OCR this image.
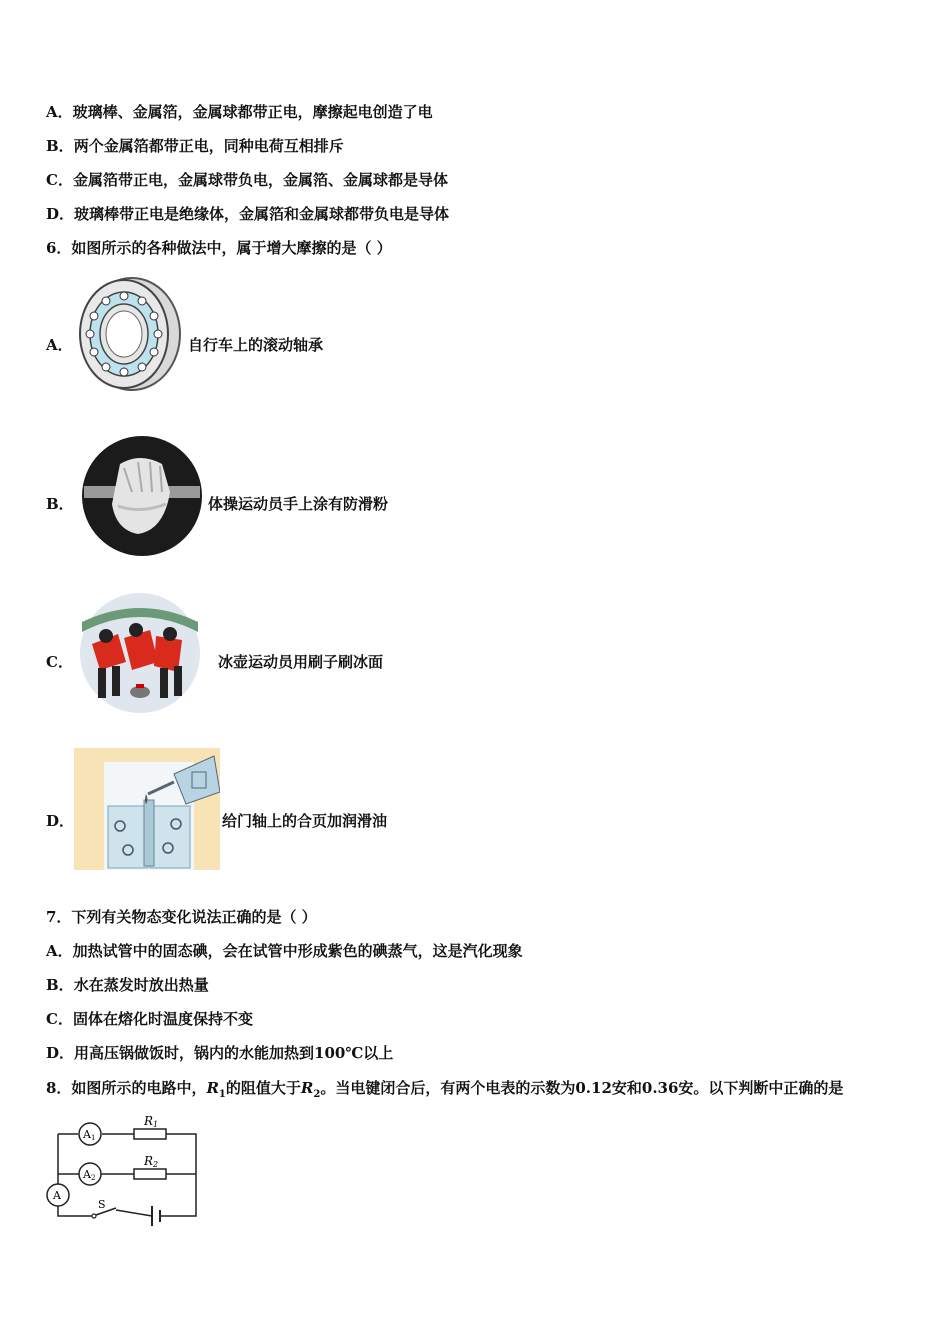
A．玻璃棒、金属箔，金属球都带正电，摩擦起电创造了电
B．两个金属箔都带正电，同种电荷互相排斥
C．金属箔带正电，金属球带负电，金属箔、金属球都是导体
D．玻璃棒带正电是绝缘体，金属箔和金属球都带负电是导体
6．如图所示的各种做法中，属于增大摩擦的是（ ）
A．	自行车上的滚动轴承
B．	体操运动员手上涂有防滑粉
C．	冰壶运动员用刷子刷冰面
D．	给门轴上的合页加润滑油
7．下列有关物态变化说法正确的是（ ）
A．加热试管中的固态碘，会在试管中形成紫色的碘蒸气，这是汽化现象
B．水在蒸发时放出热量
C．固体在熔化时温度保持不变
D．用高压锅做饭时，锅内的水能加热到100℃以上
8．如图所示的电路中，$R_1$的阻值大于$R_2$。当电键闭合后，有两个电表的示数为0.12安和0.36安。以下判断中正确的是
R1
R2
A1
A2
A
S
